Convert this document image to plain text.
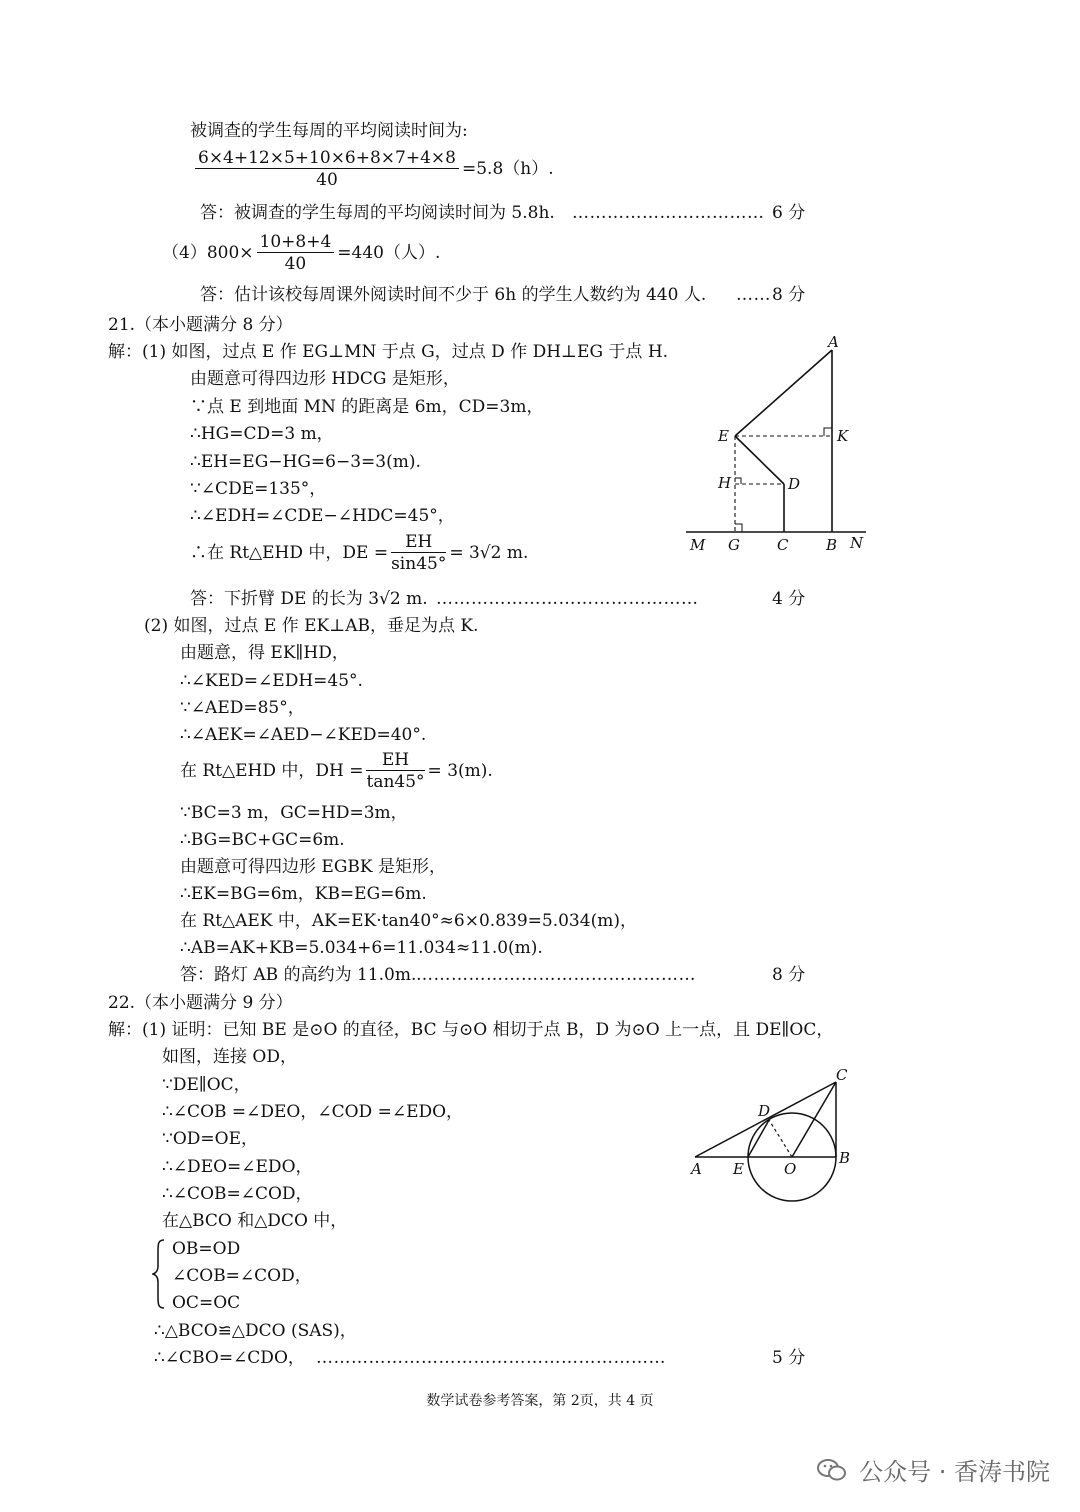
被调查的学生每周的平均阅读时间为:
$\frac{6\times 4+12\times 5+10\times 6+8\times 7+4\times 8}{40} =5.8(h)$.
答：被调查的学生每周的平均阅读时间为 5.8h. …………………………… 6 分
$(4)800\times \frac{10+8+4}{40} =440$（人）.
答：估计该校每周课外阅读时间不少于 6h 的学生人数约为 440 人. …… 8 分
21.（本小题满分 8 分）
解：(1) 如图，过点 E 作 EG⊥MN 于点 G，过点 D 作 DH⊥EG 于点 H.
由题意可得四边形 HDCG 是矩形，
∵点 E 到地面 MN 的距离是 6m，CD=3m，
∴HG=CD=3 m，
∴EH=EG−HG=6−3=3(m).
∵∠CDE=135°，
∴∠EDH=∠CDE−∠HDC=45°，
∴在 Rt△EHD 中，DE = $\frac{EH}{\sin 45^\circ} = 3√2$ m.
答：下折臂 DE 的长为 3√2 m. ………………………………………	4 分
(2) 如图，过点 E 作 EK⊥AB，垂足为点 K.
由题意，得 EK∥HD，
∴∠KED=∠EDH=45°.
∵∠AED=85°，
∴∠AEK=∠AED−∠KED=40°.
在 Rt△EHD 中，DH = $\frac{EH}{\tan 45^\circ} = 3(m)$.
∵BC=3 m，GC=HD=3m，
∴BG=BC+GC=6m.
由题意可得四边形 EGBK 是矩形，
∴EK=BG=6m，KB=EG=6m.
在 Rt△AEK 中，AK=EK·tan40°≈6×0.839=5.034(m)，
∴AB=AK+KB=5.034+6=11.034≈11.0(m).
答：路灯 AB 的高约为 11.0m. …………………………………………	8 分
A
E	K
H	D
M G C	B N
22.（本小题满分 9 分）
解：(1) 证明：已知 BE 是⊙O 的直径，BC 与⊙O 相切于点 B，D 为⊙O 上一点，且 DE∥OC，
如图，连接 OD，
∵DE∥OC，
∴∠COB =∠DEO，∠COD =∠EDO，
∵OD=OE，
∴∠DEO=∠EDO，
∴∠COB=∠COD，
在△BCO 和△DCO 中，
OB=OD
∠COB=∠COD，
OC=OC
∴△BCO≌△DCO (SAS)，
∴∠CBO=∠CDO， ……………………………………………………	5 分
C
D
A E	O
B
数学试卷参考答案，第 2页，共 4 页
公众号 · 香涛书院
